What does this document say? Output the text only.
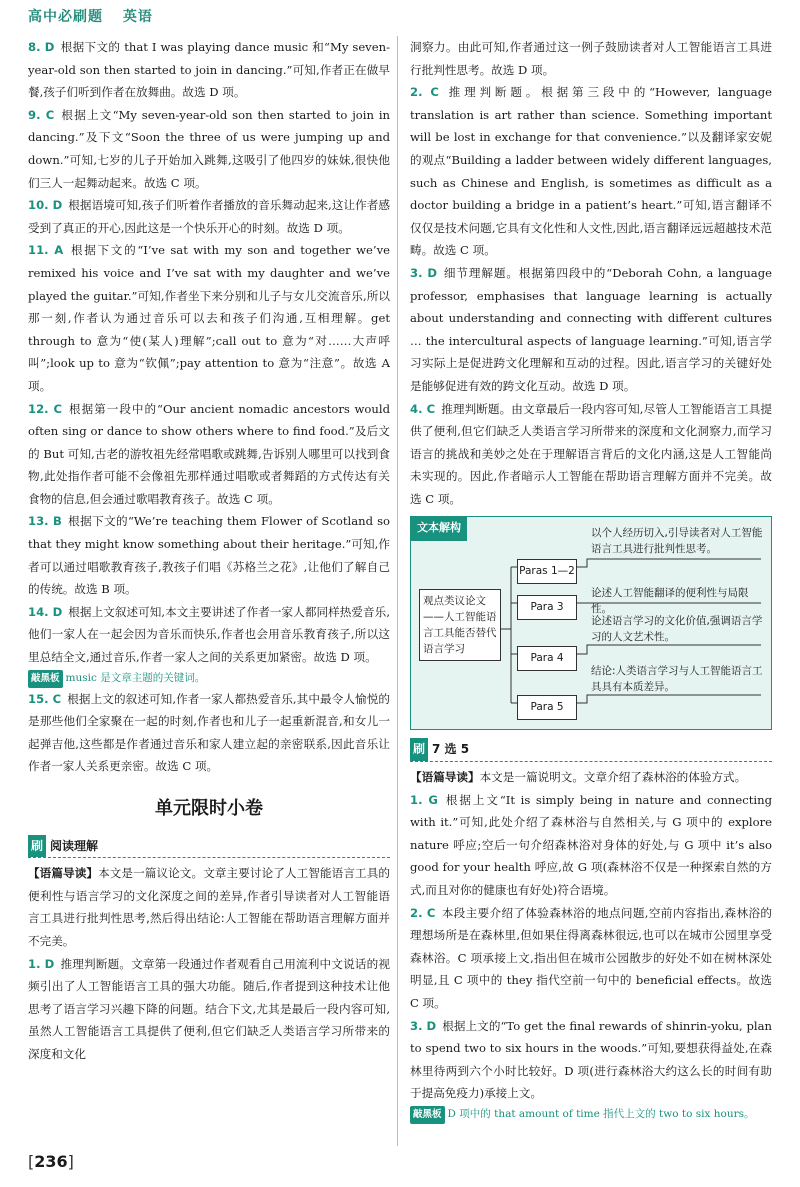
高中必刷题 英语
8. D 根据下文的 that I was playing dance music 和“My seven-year-old son then started to join in dancing.”可知,作者正在做早餐,孩子们听到作者在放舞曲。故选 D 项。
9. C 根据上文“My seven-year-old son then started to join in dancing.”及下文“Soon the three of us were jumping up and down.”可知,七岁的儿子开始加入跳舞,这吸引了他四岁的妹妹,很快他们三人一起舞动起来。故选 C 项。
10. D 根据语境可知,孩子们听着作者播放的音乐舞动起来,这让作者感受到了真正的开心,因此这是一个快乐开心的时刻。故选 D 项。
11. A 根据下文的“I’ve sat with my son and together we’ve remixed his voice and I’ve sat with my daughter and we’ve played the guitar.”可知,作者坐下来分别和儿子与女儿交流音乐,所以那一刻,作者认为通过音乐可以去和孩子们沟通,互相理解。get through to 意为“使(某人)理解”;call out to 意为“对……大声呼叫”;look up to 意为“钦佩”;pay attention to 意为“注意”。故选 A 项。
12. C 根据第一段中的“Our ancient nomadic ancestors would often sing or dance to show others where to find food.”及后文的 But 可知,古老的游牧祖先经常唱歌或跳舞,告诉别人哪里可以找到食物,此处指作者可能不会像祖先那样通过唱歌或者舞蹈的方式传达有关食物的信息,但会通过歌唱教育孩子。故选 C 项。
13. B 根据下文的“We’re teaching them Flower of Scotland so that they might know something about their heritage.”可知,作者可以通过唱歌教育孩子,教孩子们唱《苏格兰之花》,让他们了解自己的传统。故选 B 项。
14. D 根据上文叙述可知,本文主要讲述了作者一家人都同样热爱音乐,他们一家人在一起会因为音乐而快乐,作者也会用音乐教育孩子,所以这里总结全文,通过音乐,作者一家人之间的关系更加紧密。故选 D 项。
敲黑板 music 是文章主题的关键词。
15. C 根据上文的叙述可知,作者一家人都热爱音乐,其中最令人愉悦的是那些他们全家聚在一起的时刻,作者也和儿子一起重新混音,和女儿一起弹吉他,这些都是作者通过音乐和家人建立起的亲密联系,因此音乐让作者一家人关系更亲密。故选 C 项。
单元限时小卷
刷 阅读理解
【语篇导读】本文是一篇议论文。文章主要讨论了人工智能语言工具的便利性与语言学习的文化深度之间的差异,作者引导读者对人工智能语言工具进行批判性思考,然后得出结论:人工智能在帮助语言理解方面并不完美。
1. D 推理判断题。文章第一段通过作者观看自己用流利中文说话的视频引出了人工智能语言工具的强大功能。随后,作者提到这种技术让他思考了语言学习兴趣下降的问题。结合下文,尤其是最后一段内容可知,虽然人工智能语言工具提供了便利,但它们缺乏人类语言学习所带来的深度和文化
洞察力。由此可知,作者通过这一例子鼓励读者对人工智能语言工具进行批判性思考。故选 D 项。
2. C 推理判断题。根据第三段中的“However, language translation is art rather than science. Something important will be lost in exchange for that convenience.”以及翻译家安妮的观点“Building a ladder between widely different languages, such as Chinese and English, is sometimes as difficult as a doctor building a bridge in a patient’s heart.”可知,语言翻译不仅仅是技术问题,它具有文化性和人文性,因此,语言翻译远远超越技术范畴。故选 C 项。
3. D 细节理解题。根据第四段中的“Deborah Cohn, a language professor, emphasises that language learning is actually about understanding and connecting with different cultures … the intercultural aspects of language learning.”可知,语言学习实际上是促进跨文化理解和互动的过程。因此,语言学习的关键好处是能够促进有效的跨文化互动。故选 D 项。
4. C 推理判断题。由文章最后一段内容可知,尽管人工智能语言工具提供了便利,但它们缺乏人类语言学习所带来的深度和文化洞察力,而学习语言的挑战和美妙之处在于理解语言背后的文化内涵,这是人工智能尚未实现的。因此,作者暗示人工智能在帮助语言理解方面并不完美。故选 C 项。
文本解构
观点类议论文——人工智能语言工具能否替代语言学习
Paras 1—2
Para 3
Para 4
Para 5
以个人经历切入,引导读者对人工智能语言工具进行批判性思考。
论述人工智能翻译的便利性与局限性。
论述语言学习的文化价值,强调语言学习的人文艺术性。
结论:人类语言学习与人工智能语言工具具有本质差异。
刷 7 选 5
【语篇导读】本文是一篇说明文。文章介绍了森林浴的体验方式。
1. G 根据上文“It is simply being in nature and connecting with it.”可知,此处介绍了森林浴与自然相关,与 G 项中的 explore nature 呼应;空后一句介绍森林浴对身体的好处,与 G 项中 it’s also good for your health 呼应,故 G 项(森林浴不仅是一种探索自然的方式,而且对你的健康也有好处)符合语境。
2. C 本段主要介绍了体验森林浴的地点问题,空前内容指出,森林浴的理想场所是在森林里,但如果住得离森林很远,也可以在城市公园里享受森林浴。C 项承接上文,指出但在城市公园散步的好处不如在树林深处明显,且 C 项中的 they 指代空前一句中的 beneficial effects。故选 C 项。
3. D 根据上文的“To get the final rewards of shinrin-yoku, plan to spend two to six hours in the woods.”可知,要想获得益处,在森林里待两到六个小时比较好。D 项(进行森林浴大约这么长的时间有助于提高免疫力)承接上文。
敲黑板 D 项中的 that amount of time 指代上文的 two to six hours。
[236]
